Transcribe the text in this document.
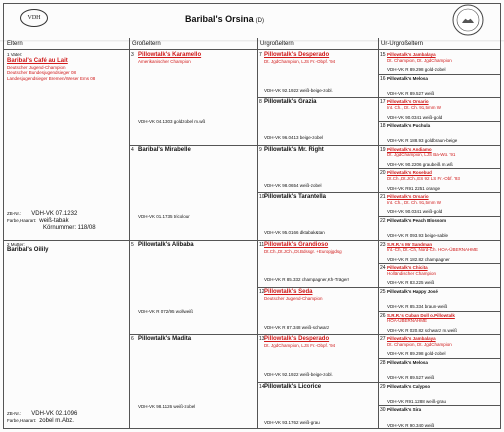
VDH	Baribal's Orsina (D)
Eltern	Großeltern	Urgroßeltern	Ur-Urgroßeltern
1 Vater:
Baribal's Café au Lait
Deutscher Jugend-Champion
Deutscher Bundesjugendsieger 08
Landesjugendsieger Bremen/Weser Ems 08
ZB-Nr.: VDH-VK 07.1232
Farbe,Haarart: weiß-tabak
Körnummer: 118/08
2 Mutter:
Baribal's Oilily
ZB-Nr.: VDH-VK 02.1096
Farbe,Haarart: zobel m.Abz.
3 Pillowtalk's Karamello
Amerikanischer Champion
VDH-VK 04.1303 goldzobel m.wß
4 Baribal's Mirabelle
VDH-VK 01.1735 tricolour
5 Pillowtalk's Alibaba
VDH-VK R 072/95 wollweiß
6 Pillowtalk's Madita
VDH-VK 98.1126 weiß-zobel
7 Pillowtalk's Desperado
Dt. JgdChampion, LJS Fr.-Obpf. '94
VDH-VK 92.1922 weiß-beige-zobl.
8 Pillowtalk's Grazia
VDH-VK 96.0413 beige-zobel
9 Pillowtalk's Mr. Right
VDH-VK 98.0654 weiß-zobel
10 Pillowtalk's Tarantella
VDH-VK 95.0166 dktabak&tan
11 Pillowtalk's Grandioso
Dt.Ch.,Dt.JCh.,Dt.Bdssgr. +Europjgdsg
VDH-VK R 85.332 champagner,Kh-Träger!
12 Pillowtalk's Seda
Deutscher Jugend-Champion
VDH-VK R 87.348 weiß-schwarz
13 Pillowtalk's Desperado
Dt. JgdChampion, LJS Fr.-Obpf. '94
VDH-VK 92.1922 weiß-beige-zobl.
14 Pillowtalk's Licorice
VDH-VK 93.1762 weiß-grau
15 Pillowtalk's Jambalaya
Dt. Champion, Dt. JgdChampion
VDH-VK R 89.298 gold-zobel
16 Pillowtalk's Melosa
VDH-VK R 89.527 weiß
17 Pillowtalk's Orsario
Int. Ch., Dt. Ch. 91,5mm W
VDH-VK 90.0341 weiß-gold
18 Pillowtalk's Puchula
VDH-VK R 188.93 goldbraun-beige
19 Pillowtalk's Andiamo
Dt. JgdChampion, LJS Ba-Wü. '91
VDH-VK 90.2206 graubeiß m.wß
20 Pillowtalk's Rosebud
Dt.Ch.,Dt.JCh.,ES 92 LS Fr.-Obf. '93
VDH-VK R91 2251 orange
21 Pillowtalk's Orsario
Int. Ch., Dt. Ch. 91,5mm W
VDH-VK 90.0341 weiß-gold
22 Pillowtalk's Peach Blossom
VDH-VK R 093.93 beige-sable
23 S.R.R.'s Mr Sandman
Int.-Ch, Dt.-Ch, Nord-Ch. HOA-ÜBERNAHME
VDH-VK R 182.82 champagner
24 Pillowtalk's Chicita
Holländischer Champion
VDH-VK R 83.225 weiß
25 Pillowtalk's Happy José
VDH-VK R 85.334 braun-weiß
26 S.R.R.'s Cuban Doll o.Pillowtalk
HOA-ÜBERNAHME
VDH-VK R 020.82 schwarz m.weiß
27 Pillowtalk's Jambalaya
Dt. Champion, Dt. JgdChampion
VDH-VK R 89.298 gold-zobel
28 Pillowtalk's Melosa
VDH-VK R 89.527 weiß
29 Pillowtalk's Calypso
VDH-VK R91.1288 weiß-grau
30 Pillowtalk's Sira
VDH-VK R 90.340 weiß
